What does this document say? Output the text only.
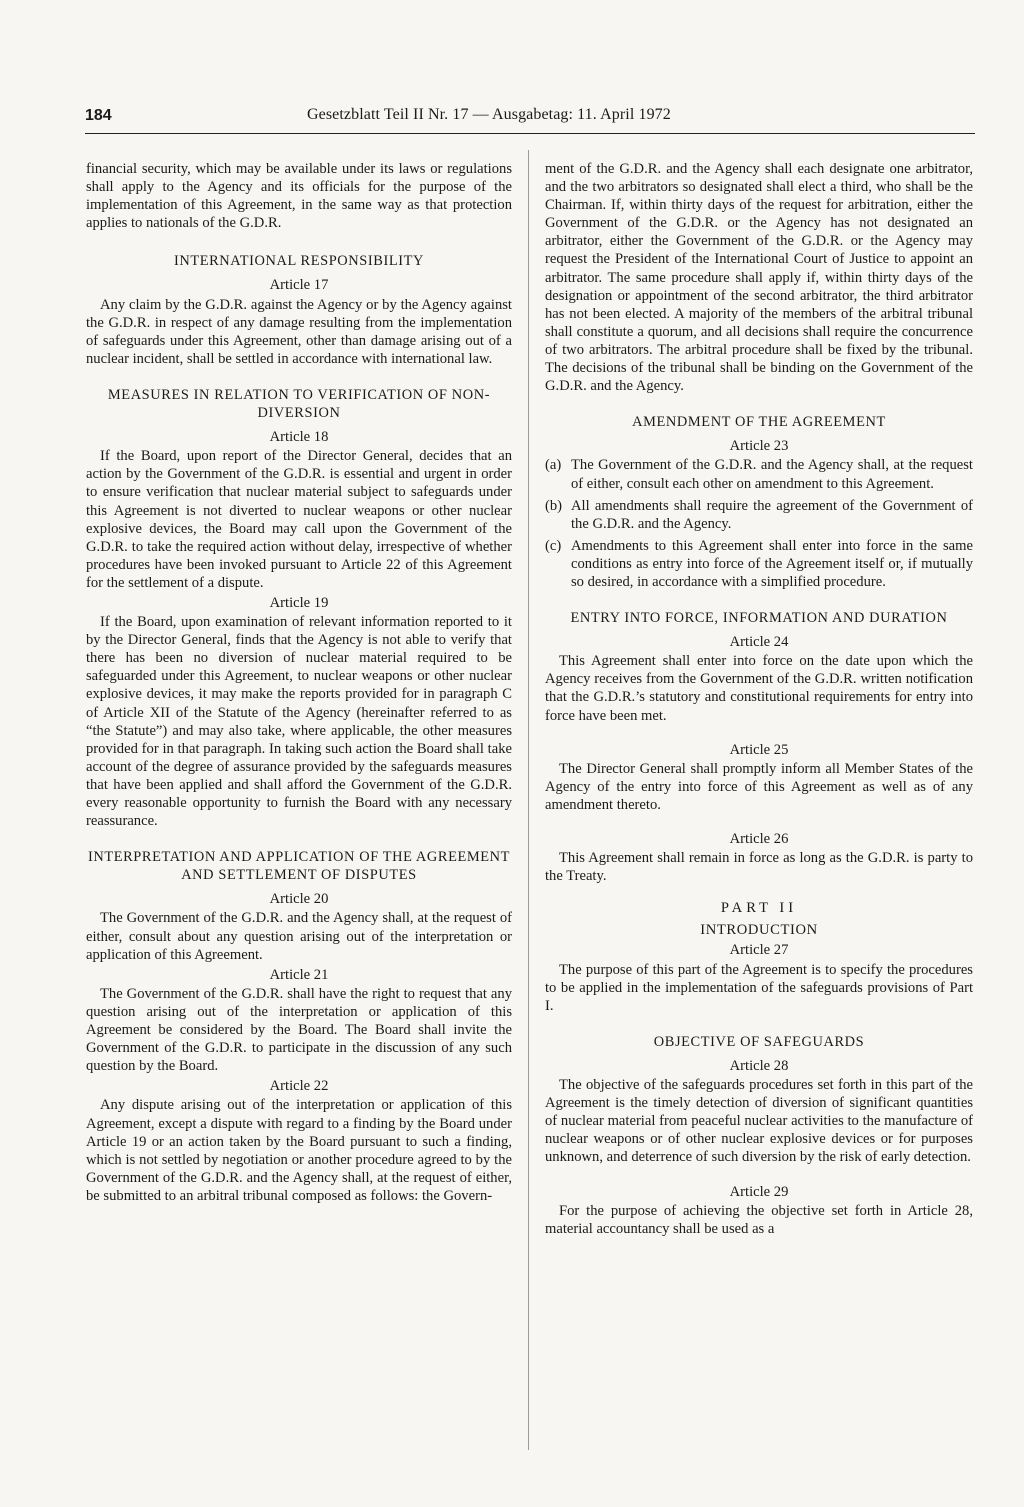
184	Gesetzblatt Teil II Nr. 17 — Ausgabetag: 11. April 1972

financial security, which may be available under its laws or regulations shall apply to the Agency and its officials for the purpose of the implementation of this Agreement, in the same way as that protection applies to nationals of the G.D.R.

INTERNATIONAL RESPONSIBILITY
Article 17

Any claim by the G.D.R. against the Agency or by the Agency against the G.D.R. in respect of any damage resulting from the implementation of safeguards under this Agreement, other than damage arising out of a nuclear incident, shall be settled in accordance with international law.

MEASURES IN RELATION TO VERIFICATION OF NON-DIVERSION
Article 18

If the Board, upon report of the Director General, decides that an action by the Government of the G.D.R. is essential and urgent in order to ensure verification that nuclear material subject to safeguards under this Agreement is not diverted to nuclear weapons or other nuclear explosive devices, the Board may call upon the Government of the G.D.R. to take the required action without delay, irrespective of whether procedures have been invoked pursuant to Article 22 of this Agreement for the settlement of a dispute.

Article 19

If the Board, upon examination of relevant information reported to it by the Director General, finds that the Agency is not able to verify that there has been no diversion of nuclear material required to be safeguarded under this Agreement, to nuclear weapons or other nuclear explosive devices, it may make the reports provided for in paragraph C of Article XII of the Statute of the Agency (hereinafter referred to as “the Statute”) and may also take, where applicable, the other measures provided for in that paragraph. In taking such action the Board shall take account of the degree of assurance provided by the safeguards measures that have been applied and shall afford the Government of the G.D.R. every reasonable opportunity to furnish the Board with any necessary reassurance.

INTERPRETATION AND APPLICATION OF THE AGREEMENT AND SETTLEMENT OF DISPUTES
Article 20

The Government of the G.D.R. and the Agency shall, at the request of either, consult about any question arising out of the interpretation or application of this Agreement.

Article 21

The Government of the G.D.R. shall have the right to request that any question arising out of the interpretation or application of this Agreement be considered by the Board. The Board shall invite the Government of the G.D.R. to participate in the discussion of any such question by the Board.

Article 22

Any dispute arising out of the interpretation or application of this Agreement, except a dispute with regard to a finding by the Board under Article 19 or an action taken by the Board pursuant to such a finding, which is not settled by negotiation or another procedure agreed to by the Government of the G.D.R. and the Agency shall, at the request of either, be submitted to an arbitral tribunal composed as follows: the Govern-

ment of the G.D.R. and the Agency shall each designate one arbitrator, and the two arbitrators so designated shall elect a third, who shall be the Chairman. If, within thirty days of the request for arbitration, either the Government of the G.D.R. or the Agency has not designated an arbitrator, either the Government of the G.D.R. or the Agency may request the President of the International Court of Justice to appoint an arbitrator. The same procedure shall apply if, within thirty days of the designation or appointment of the second arbitrator, the third arbitrator has not been elected. A majority of the members of the arbitral tribunal shall constitute a quorum, and all decisions shall require the concurrence of two arbitrators. The arbitral procedure shall be fixed by the tribunal. The decisions of the tribunal shall be binding on the Government of the G.D.R. and the Agency.

AMENDMENT OF THE AGREEMENT
Article 23
(a) The Government of the G.D.R. and the Agency shall, at the request of either, consult each other on amendment to this Agreement.
(b) All amendments shall require the agreement of the Government of the G.D.R. and the Agency.
(c) Amendments to this Agreement shall enter into force in the same conditions as entry into force of the Agreement itself or, if mutually so desired, in accordance with a simplified procedure.
ENTRY INTO FORCE, INFORMATION AND DURATION
Article 24

This Agreement shall enter into force on the date upon which the Agency receives from the Government of the G.D.R. written notification that the G.D.R.’s statutory and constitutional requirements for entry into force have been met.

Article 25

The Director General shall promptly inform all Member States of the Agency of the entry into force of this Agreement as well as of any amendment thereto.

Article 26

This Agreement shall remain in force as long as the G.D.R. is party to the Treaty.

PART II
INTRODUCTION
Article 27

The purpose of this part of the Agreement is to specify the procedures to be applied in the implementation of the safeguards provisions of Part I.

OBJECTIVE OF SAFEGUARDS
Article 28

The objective of the safeguards procedures set forth in this part of the Agreement is the timely detection of diversion of significant quantities of nuclear material from peaceful nuclear activities to the manufacture of nuclear weapons or of other nuclear explosive devices or for purposes unknown, and deterrence of such diversion by the risk of early detection.

Article 29

For the purpose of achieving the objective set forth in Article 28, material accountancy shall be used as a
